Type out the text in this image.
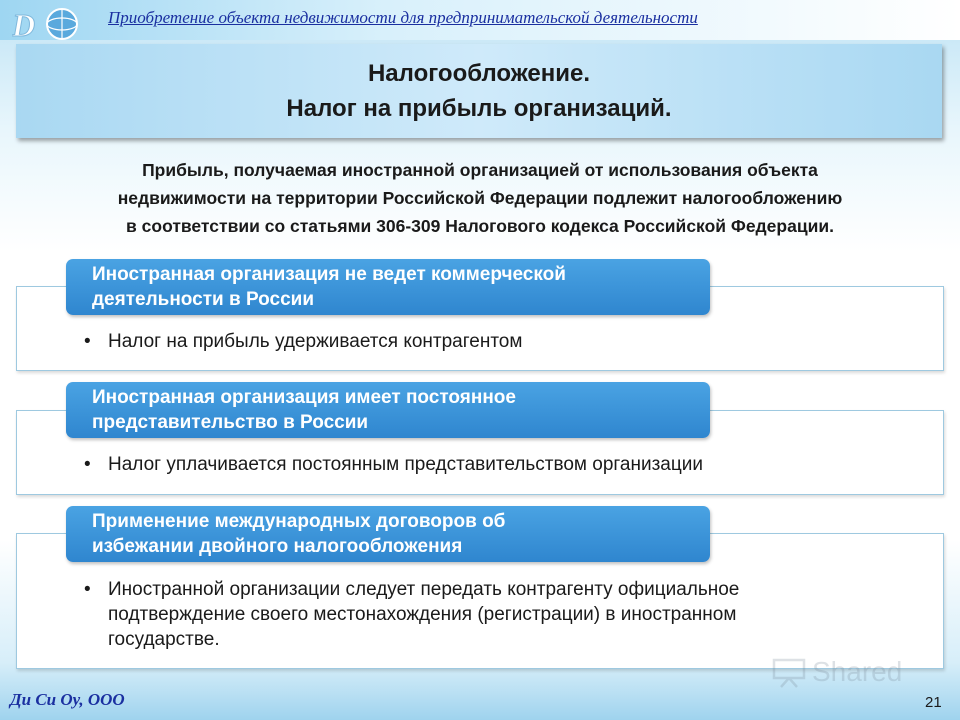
D	Приобретение объекта недвижимости для предпринимательской деятельности
Налогообложение.
Налог на прибыль организаций.
Прибыль, получаемая иностранной организацией от использования объекта
недвижимости на территории Российской Федерации подлежит налогообложению
в соответствии со статьями 306-309 Налогового кодекса Российской Федерации.
Иностранная организация не ведет коммерческой
деятельности в России
• Налог на прибыль удерживается контрагентом
Иностранная организация имеет постоянное
представительство в России
• Налог уплачивается постоянным представительством организации
Применение международных договоров об
избежании двойного налогообложения
• Иностранной организации следует передать контрагенту официальное
подтверждение своего местонахождения (регистрации) в иностранном
государстве.
Shared
Ди Си Оу, ООО	21
